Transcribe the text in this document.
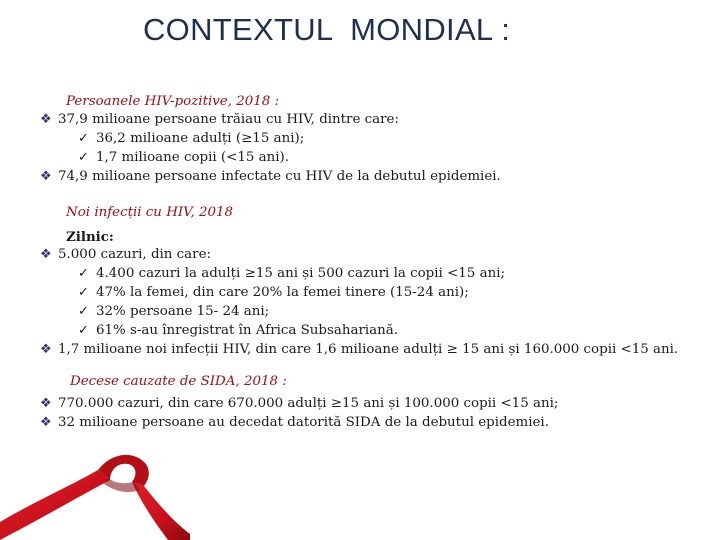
CONTEXTUL  MONDIAL :
Persoanele HIV-pozitive, 2018 :
❖ 37,9 milioane persoane trăiau cu HIV, dintre care:
✓ 36,2 milioane adulți (≥15 ani);
✓ 1,7 milioane copii (<15 ani).
❖ 74,9 milioane persoane infectate cu HIV de la debutul epidemiei.
Noi infecții cu HIV, 2018
Zilnic:
❖ 5.000 cazuri, din care:
✓ 4.400 cazuri la adulți ≥15 ani și 500 cazuri la copii <15 ani;
✓ 47% la femei, din care 20% la femei tinere (15-24 ani);
✓ 32% persoane 15- 24 ani;
✓ 61% s-au înregistrat în Africa Subsahariană.
❖ 1,7 milioane noi infecții HIV, din care 1,6 milioane adulți ≥ 15 ani și 160.000 copii <15 ani.
Decese cauzate de SIDA, 2018 :
❖ 770.000 cazuri, din care 670.000 adulți ≥15 ani și 100.000 copii <15 ani;
❖ 32 milioane persoane au decedat datorită SIDA de la debutul epidemiei.
